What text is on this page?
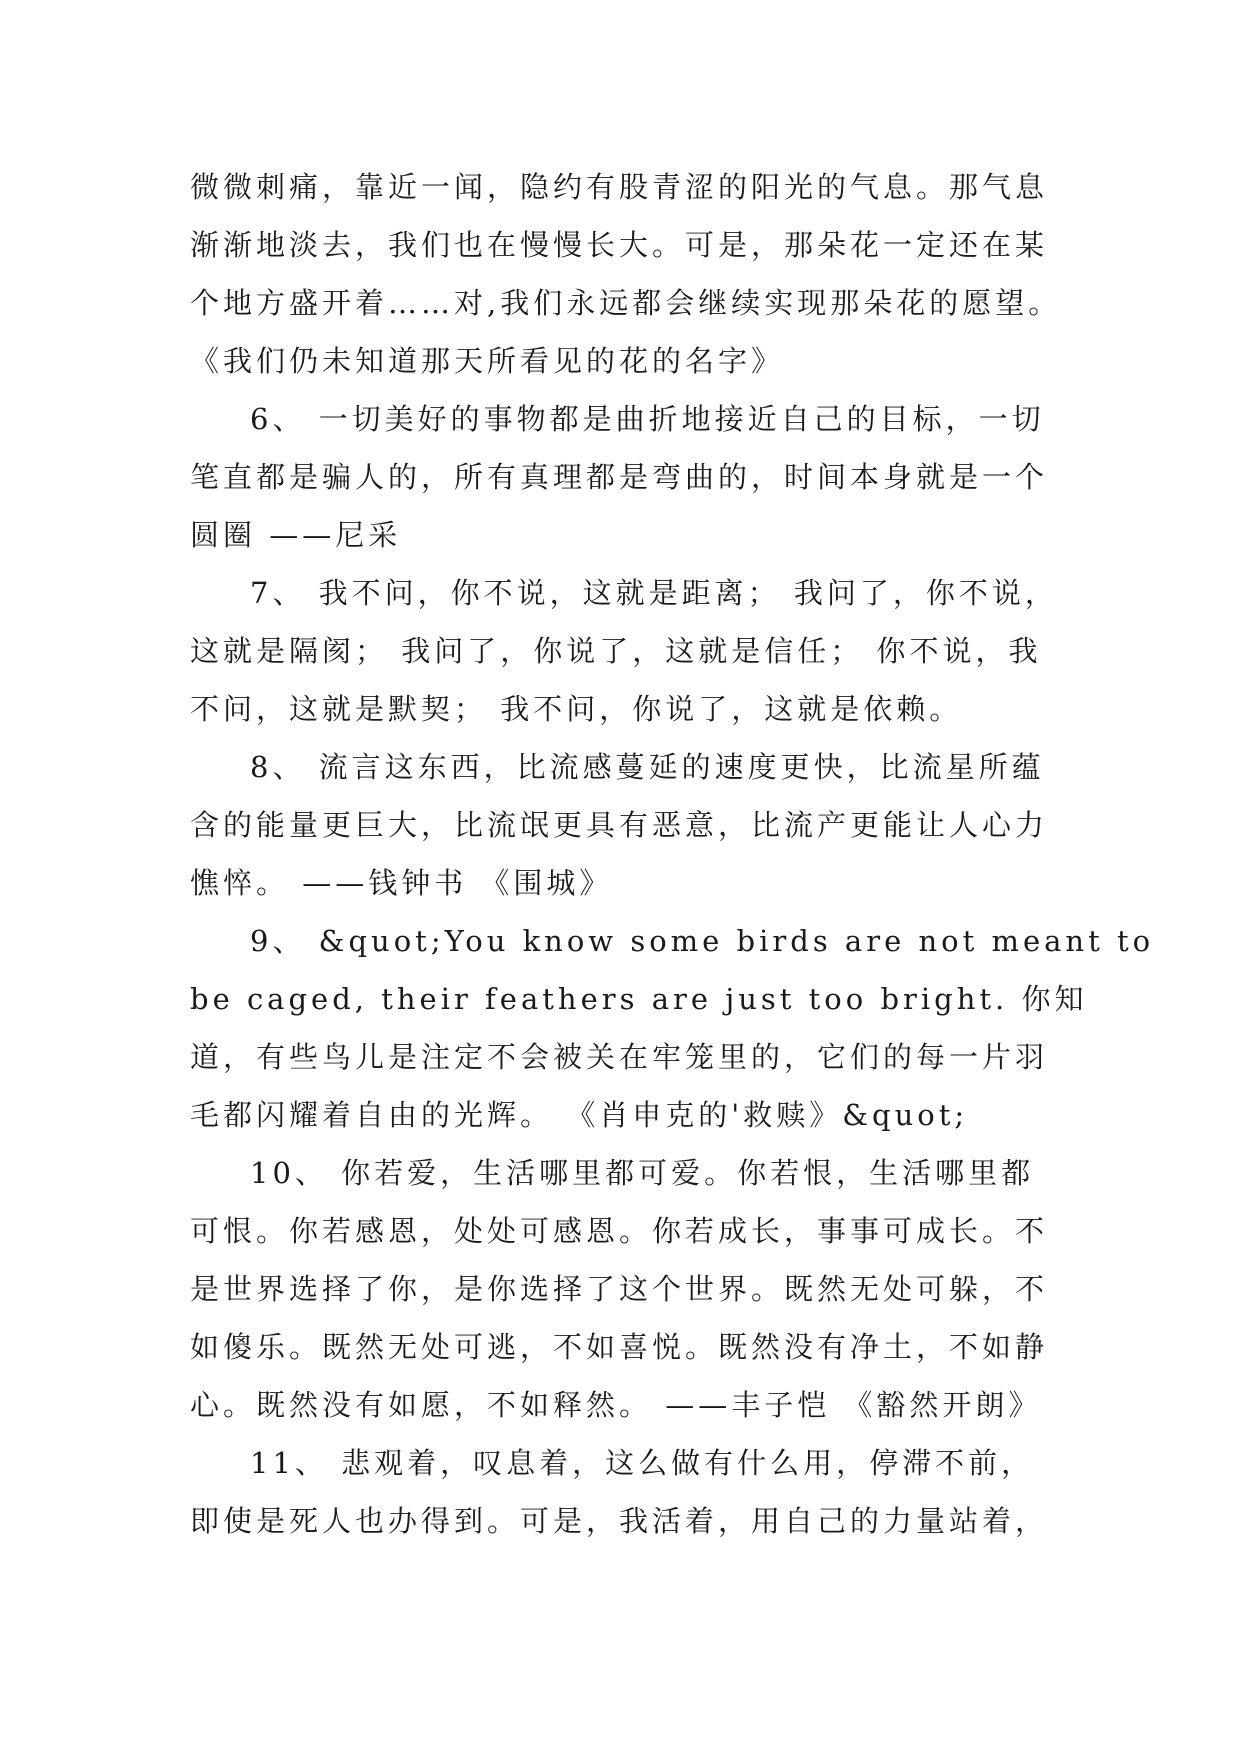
微微刺痛，靠近一闻，隐约有股青涩的阳光的气息。那气息
渐渐地淡去，我们也在慢慢长大。可是，那朵花一定还在某
个地方盛开着……对,我们永远都会继续实现那朵花的愿望。
《我们仍未知道那天所看见的花的名字》
6、 一切美好的事物都是曲折地接近自己的目标，一切
笔直都是骗人的，所有真理都是弯曲的，时间本身就是一个
圆圈 ——尼采
7、 我不问，你不说，这就是距离； 我问了，你不说，
这就是隔阂； 我问了，你说了，这就是信任； 你不说，我
不问，这就是默契； 我不问，你说了，这就是依赖。
8、 流言这东西，比流感蔓延的速度更快，比流星所蕴
含的能量更巨大，比流氓更具有恶意，比流产更能让人心力
憔悴。 ——钱钟书 《围城》
9、 &quot;You know some birds are not meant to
be caged, their feathers are just too bright. 你知
道，有些鸟儿是注定不会被关在牢笼里的，它们的每一片羽
毛都闪耀着自由的光辉。 《肖申克的'救赎》&quot;
10、 你若爱，生活哪里都可爱。你若恨，生活哪里都
可恨。你若感恩，处处可感恩。你若成长，事事可成长。不
是世界选择了你，是你选择了这个世界。既然无处可躲，不
如傻乐。既然无处可逃，不如喜悦。既然没有净土，不如静
心。既然没有如愿，不如释然。 ——丰子恺 《豁然开朗》
11、 悲观着，叹息着，这么做有什么用，停滞不前，
即使是死人也办得到。可是，我活着，用自己的力量站着，
